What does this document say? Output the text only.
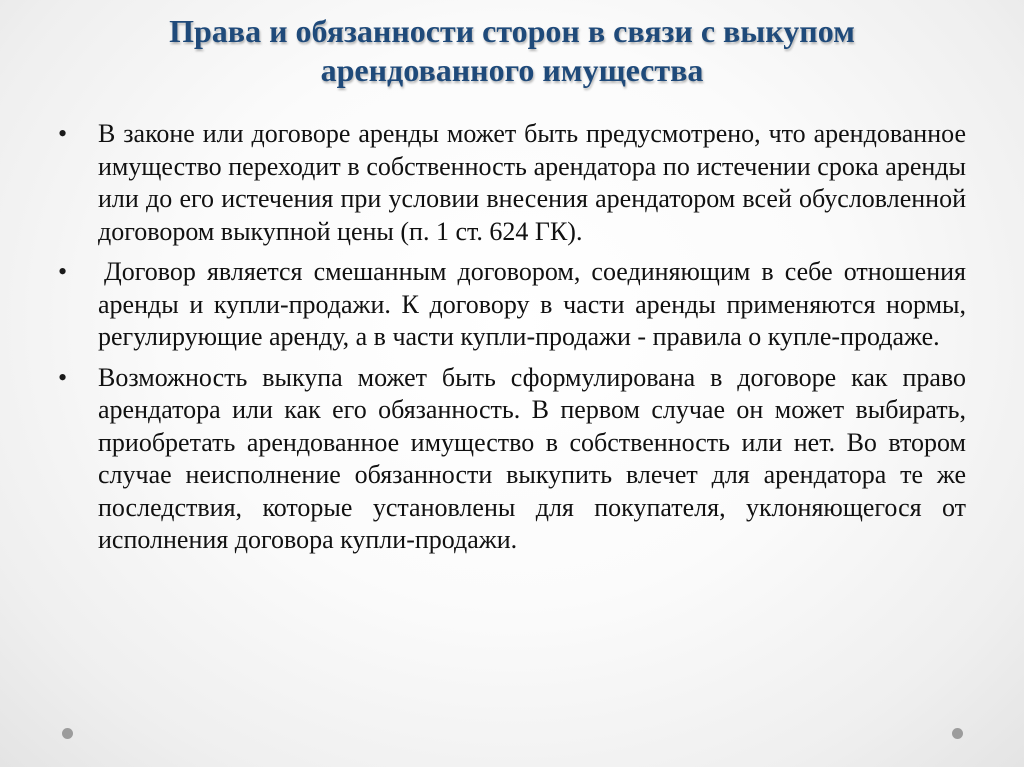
Права и обязанности сторон в связи с выкупом
арендованного имущества
•	В законе или договоре аренды может быть предусмотрено, что арендованное имущество переходит в собственность арендатора по истечении срока аренды или до его истечения при условии внесения арендатором всей обусловленной договором выкупной цены (п. 1 ст. 624 ГК).
•	Договор является смешанным договором, соединяющим в себе отношения аренды и купли-продажи. К договору в части аренды применяются нормы, регулирующие аренду, а в части купли-продажи - правила о купле-продаже.
•	Возможность выкупа может быть сформулирована в договоре как право арендатора или как его обязанность. В первом случае он может выбирать, приобретать арендованное имущество в собственность или нет. Во втором случае неисполнение обязанности выкупить влечет для арендатора те же последствия, которые установлены для покупателя, уклоняющегося от исполнения договора купли-продажи.
